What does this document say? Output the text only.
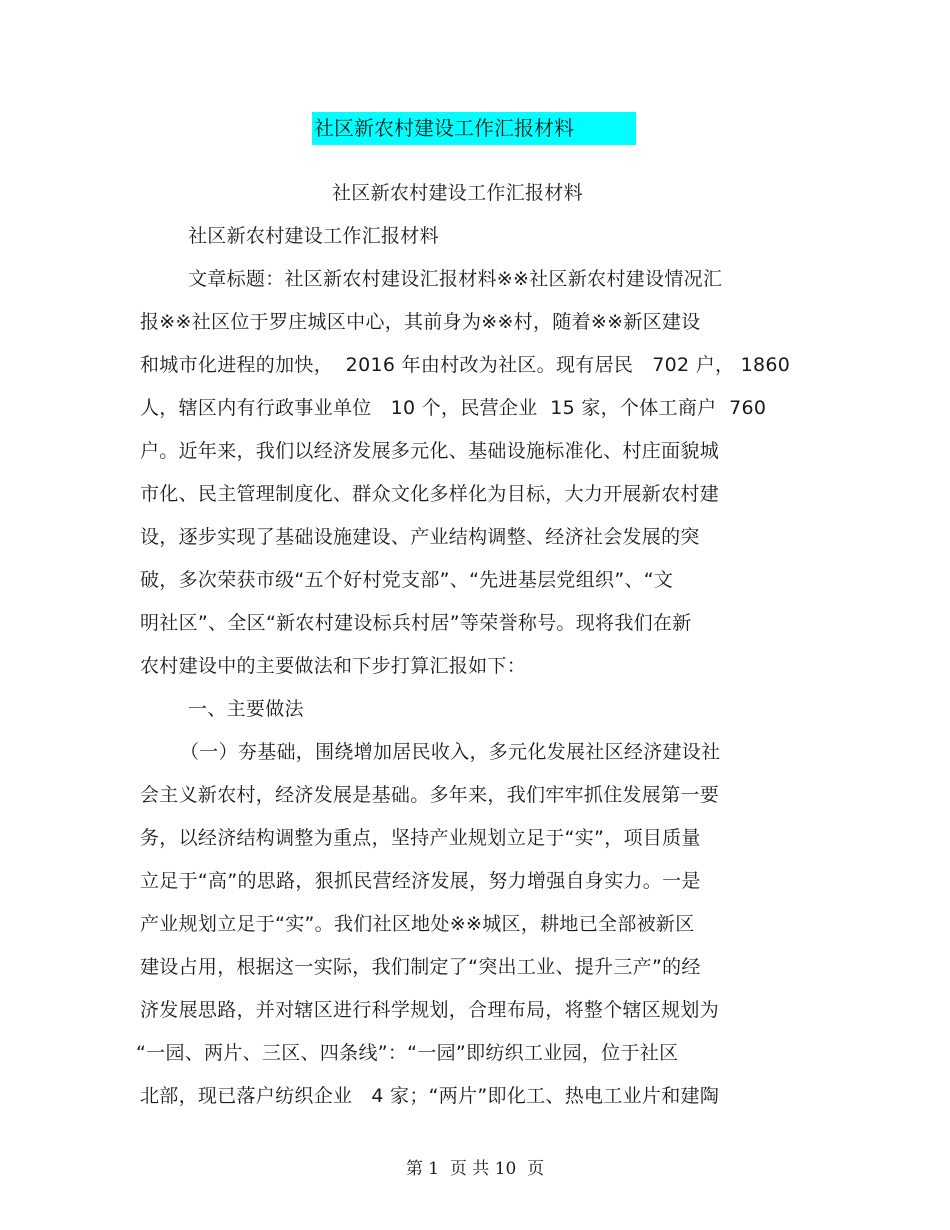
社区新农村建设工作汇报材料
社区新农村建设工作汇报材料
社区新农村建设工作汇报材料
文章标题：社区新农村建设汇报材料※※社区新农村建设情况汇
报※※社区位于罗庄城区中心，其前身为※※村，随着※※新区建设
和城市化进程的加快，  2016 年由村改为社区。现有居民   702 户， 1860
人，辖区内有行政事业单位   10 个，民营企业  15 家，个体工商户  760
户。近年来，我们以经济发展多元化、基础设施标准化、村庄面貌城
市化、民主管理制度化、群众文化多样化为目标，大力开展新农村建
设，逐步实现了基础设施建设、产业结构调整、经济社会发展的突
破，多次荣获市级“五个好村党支部”、“先进基层党组织”、“文
明社区”、全区“新农村建设标兵村居”等荣誉称号。现将我们在新
农村建设中的主要做法和下步打算汇报如下：
一、主要做法
（一）夯基础，围绕增加居民收入，多元化发展社区经济建设社
会主义新农村，经济发展是基础。多年来，我们牢牢抓住发展第一要
务，以经济结构调整为重点，坚持产业规划立足于“实”，项目质量
立足于“高”的思路，狠抓民营经济发展，努力增强自身实力。一是
产业规划立足于“实”。我们社区地处※※城区，耕地已全部被新区
建设占用，根据这一实际，我们制定了“突出工业、提升三产”的经
济发展思路，并对辖区进行科学规划，合理布局，将整个辖区规划为
“一园、两片、三区、四条线”：“一园”即纺织工业园，位于社区
北部，现已落户纺织企业   4 家；“两片”即化工、热电工业片和建陶
第 1  页 共 10  页
